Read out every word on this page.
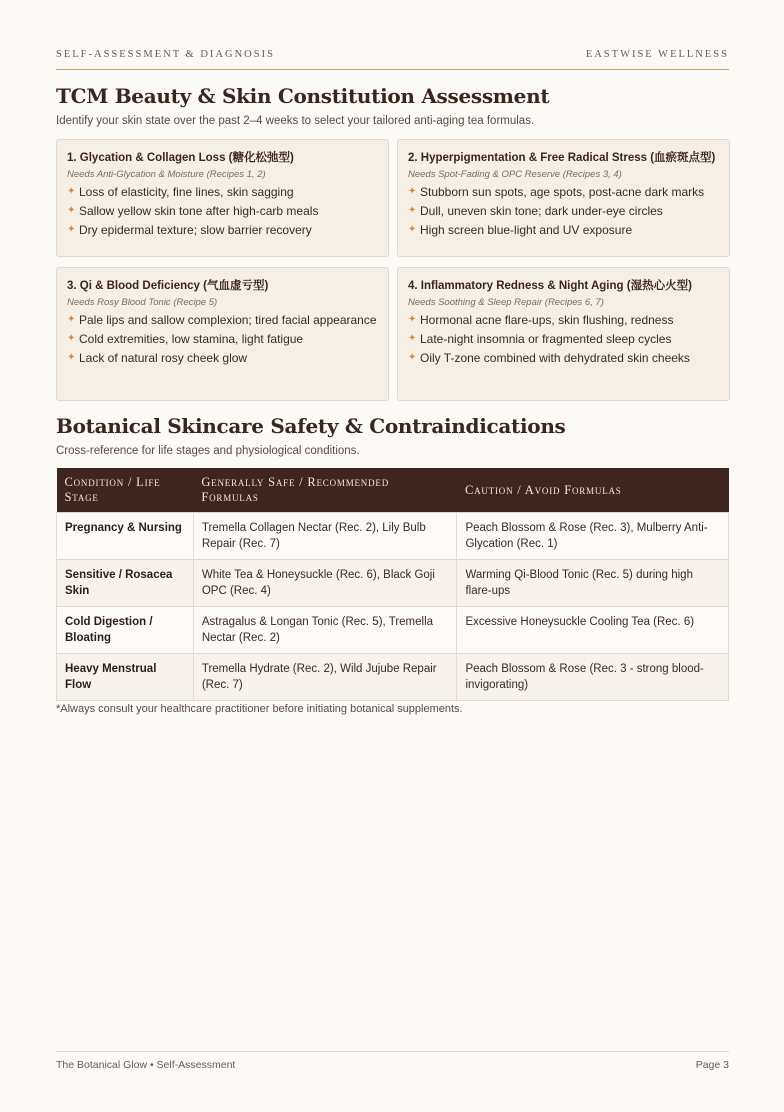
SELF-ASSESSMENT & DIAGNOSIS	EASTWISE WELLNESS
TCM Beauty & Skin Constitution Assessment

Identify your skin state over the past 2–4 weeks to select your tailored anti-aging tea formulas.

1. Glycation & Collagen Loss (糖化松弛型)

Needs Anti-Glycation & Moisture (Recipes 1, 2)

✦ Loss of elasticity, fine lines, skin sagging
✦ Sallow yellow skin tone after high-carb meals
✦ Dry epidermal texture; slow barrier recovery

2. Hyperpigmentation & Free Radical Stress (血瘀斑点型)

Needs Spot-Fading & OPC Reserve (Recipes 3, 4)

✦ Stubborn sun spots, age spots, post-acne dark marks
✦ Dull, uneven skin tone; dark under-eye circles
✦ High screen blue-light and UV exposure

3. Qi & Blood Deficiency (气血虚亏型)

Needs Rosy Blood Tonic (Recipe 5)

✦ Pale lips and sallow complexion; tired facial appearance
✦ Cold extremities, low stamina, light fatigue
✦ Lack of natural rosy cheek glow

4. Inflammatory Redness & Night Aging (湿热心火型)

Needs Soothing & Sleep Repair (Recipes 6, 7)

✦ Hormonal acne flare-ups, skin flushing, redness
✦ Late-night insomnia or fragmented sleep cycles
✦ Oily T-zone combined with dehydrated skin cheeks
Botanical Skincare Safety & Contraindications

Cross-reference for life stages and physiological conditions.

Condition / Life Stage	Generally Safe / Recommended Formulas	Caution / Avoid Formulas
Pregnancy & Nursing	Tremella Collagen Nectar (Rec. 2), Lily Bulb Repair (Rec. 7)	Peach Blossom & Rose (Rec. 3), Mulberry Anti-Glycation (Rec. 1)
Sensitive / Rosacea Skin	White Tea & Honeysuckle (Rec. 6), Black Goji OPC (Rec. 4)	Warming Qi-Blood Tonic (Rec. 5) during high flare-ups
Cold Digestion / Bloating	Astragalus & Longan Tonic (Rec. 5), Tremella Nectar (Rec. 2)	Excessive Honeysuckle Cooling Tea (Rec. 6)
Heavy Menstrual Flow	Tremella Hydrate (Rec. 2), Wild Jujube Repair (Rec. 7)	Peach Blossom & Rose (Rec. 3 - strong blood-invigorating)

*Always consult your healthcare practitioner before initiating botanical supplements.

The Botanical Glow • Self-Assessment	Page 3
